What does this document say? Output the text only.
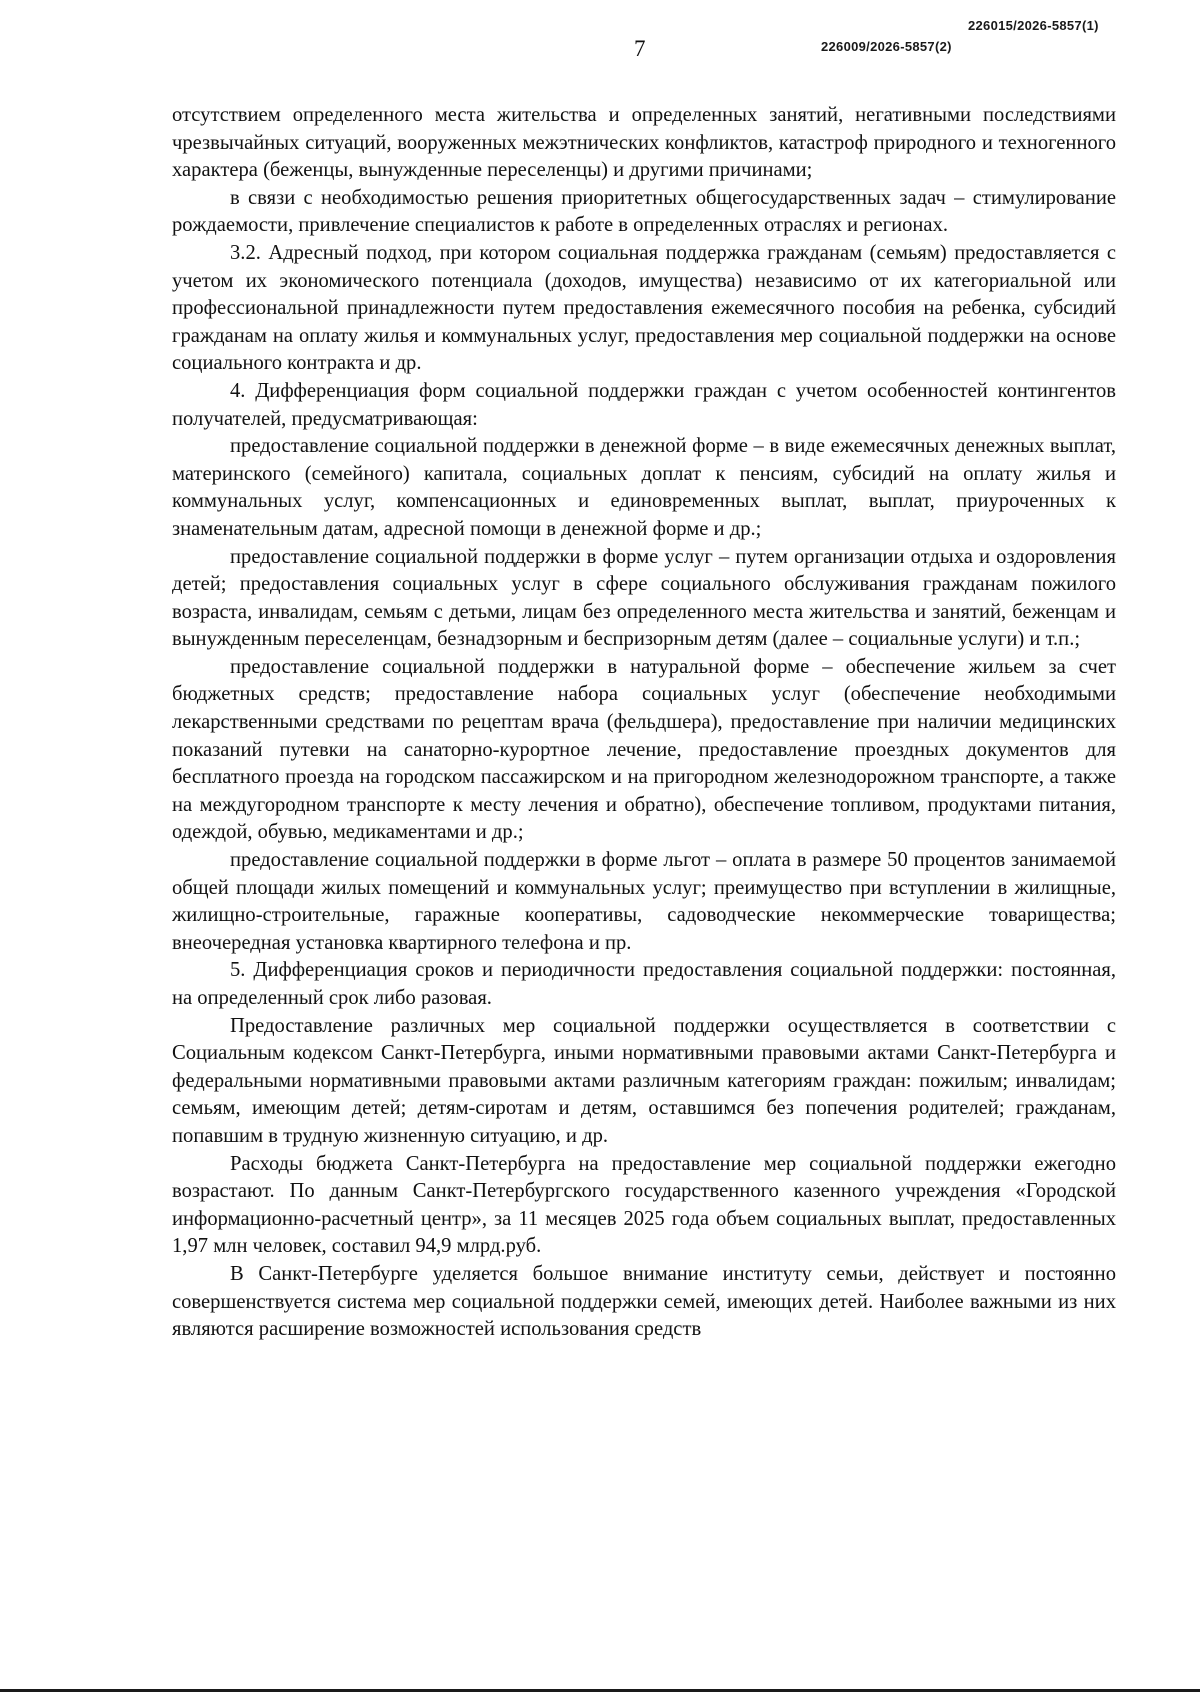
226015/2026-5857(1)
7	226009/2026-5857(2)

отсутствием определенного места жительства и определенных занятий, негативными последствиями чрезвычайных ситуаций, вооруженных межэтнических конфликтов, катастроф природного и техногенного характера (беженцы, вынужденные переселенцы) и другими причинами;

в связи с необходимостью решения приоритетных общегосударственных задач – стимулирование рождаемости, привлечение специалистов к работе в определенных отраслях и регионах.

3.2. Адресный подход, при котором социальная поддержка гражданам (семьям) предоставляется с учетом их экономического потенциала (доходов, имущества) независимо от их категориальной или профессиональной принадлежности путем предоставления ежемесячного пособия на ребенка, субсидий гражданам на оплату жилья и коммунальных услуг, предоставления мер социальной поддержки на основе социального контракта и др.

4. Дифференциация форм социальной поддержки граждан с учетом особенностей контингентов получателей, предусматривающая:

предоставление социальной поддержки в денежной форме – в виде ежемесячных денежных выплат, материнского (семейного) капитала, социальных доплат к пенсиям, субсидий на оплату жилья и коммунальных услуг, компенсационных и единовременных выплат, выплат, приуроченных к знаменательным датам, адресной помощи в денежной форме и др.;

предоставление социальной поддержки в форме услуг – путем организации отдыха и оздоровления детей; предоставления социальных услуг в сфере социального обслуживания гражданам пожилого возраста, инвалидам, семьям с детьми, лицам без определенного места жительства и занятий, беженцам и вынужденным переселенцам, безнадзорным и беспризорным детям (далее – социальные услуги) и т.п.;

предоставление социальной поддержки в натуральной форме – обеспечение жильем за счет бюджетных средств; предоставление набора социальных услуг (обеспечение необходимыми лекарственными средствами по рецептам врача (фельдшера), предоставление при наличии медицинских показаний путевки на санаторно-курортное лечение, предоставление проездных документов для бесплатного проезда на городском пассажирском и на пригородном железнодорожном транспорте, а также на междугородном транспорте к месту лечения и обратно), обеспечение топливом, продуктами питания, одеждой, обувью, медикаментами и др.;

предоставление социальной поддержки в форме льгот – оплата в размере 50 процентов занимаемой общей площади жилых помещений и коммунальных услуг; преимущество при вступлении в жилищные, жилищно-строительные, гаражные кооперативы, садоводческие некоммерческие товарищества; внеочередная установка квартирного телефона и пр.

5. Дифференциация сроков и периодичности предоставления социальной поддержки: постоянная, на определенный срок либо разовая.

Предоставление различных мер социальной поддержки осуществляется в соответствии с Социальным кодексом Санкт-Петербурга, иными нормативными правовыми актами Санкт-Петербурга и федеральными нормативными правовыми актами различным категориям граждан: пожилым; инвалидам; семьям, имеющим детей; детям-сиротам и детям, оставшимся без попечения родителей; гражданам, попавшим в трудную жизненную ситуацию, и др.

Расходы бюджета Санкт-Петербурга на предоставление мер социальной поддержки ежегодно возрастают. По данным Санкт-Петербургского государственного казенного учреждения «Городской информационно-расчетный центр», за 11 месяцев 2025 года объем социальных выплат, предоставленных 1,97 млн человек, составил 94,9 млрд.руб.

В Санкт-Петербурге уделяется большое внимание институту семьи, действует и постоянно совершенствуется система мер социальной поддержки семей, имеющих детей. Наиболее важными из них являются расширение возможностей использования средств
